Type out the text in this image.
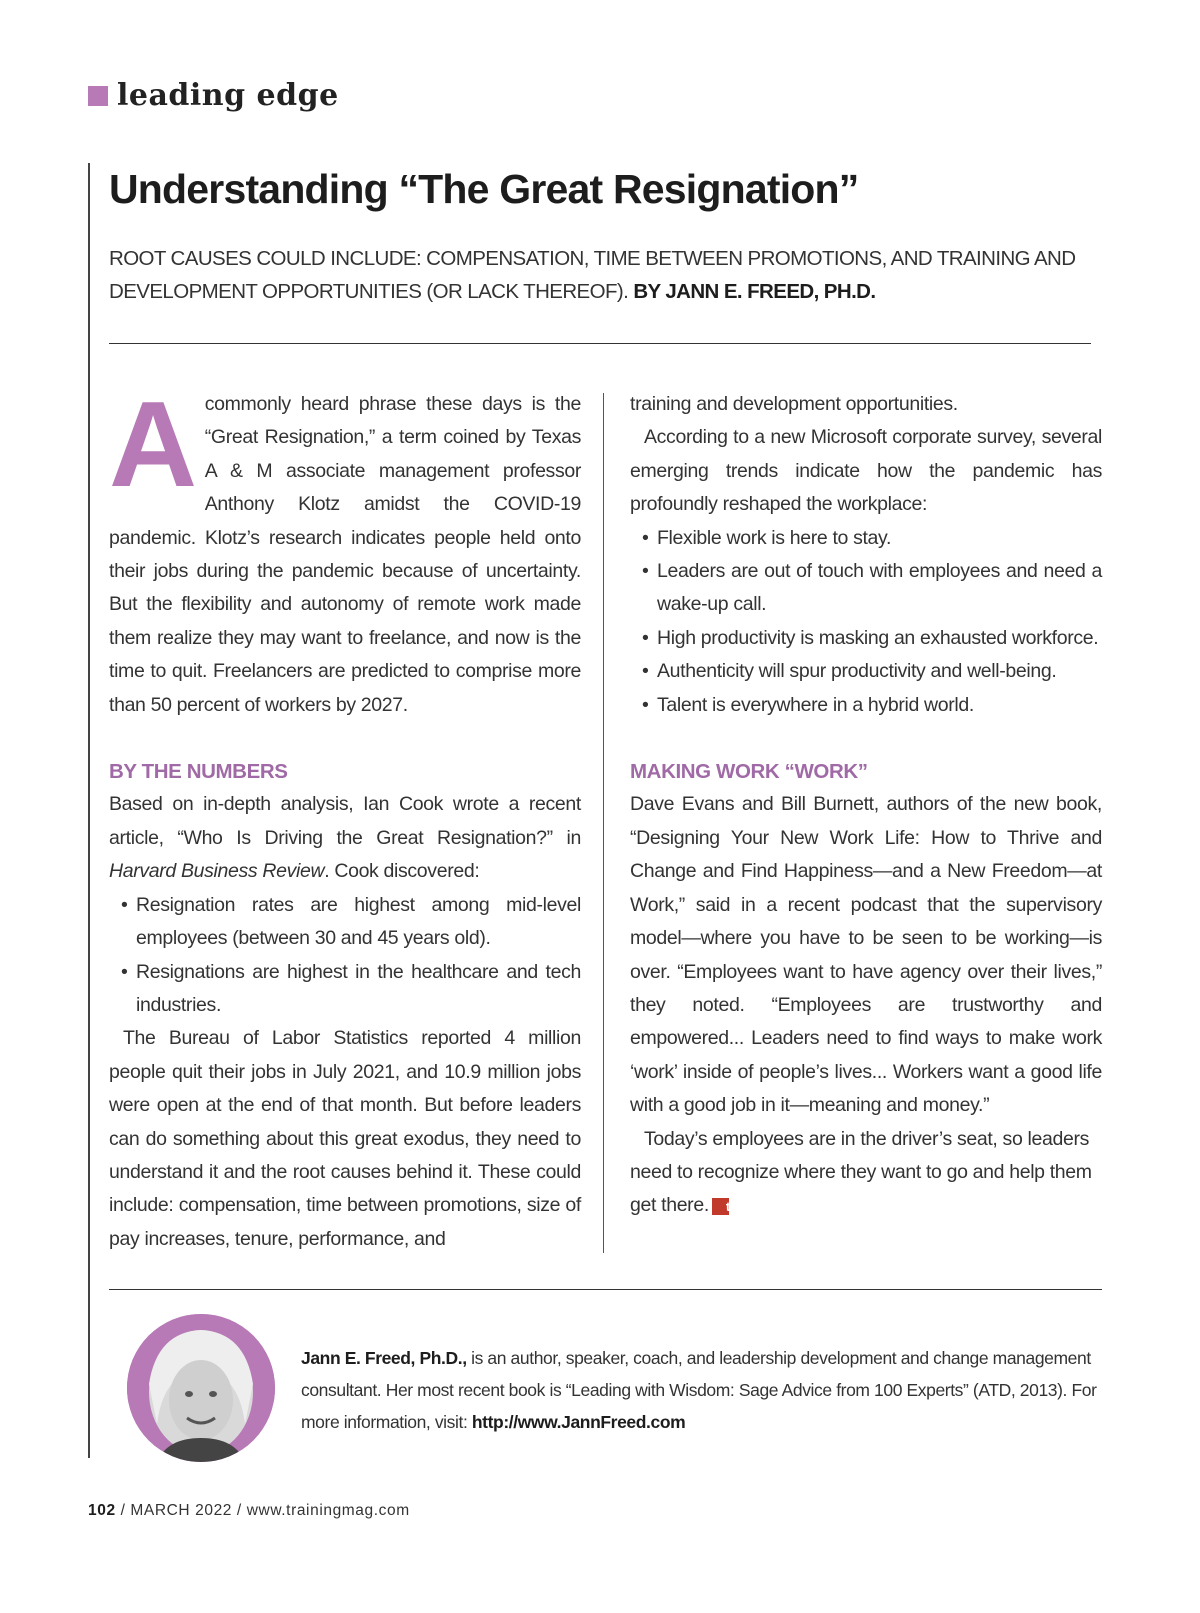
leading edge
Understanding “The Great Resignation”
ROOT CAUSES COULD INCLUDE: COMPENSATION, TIME BETWEEN PROMOTIONS, AND TRAINING AND DEVELOPMENT OPPORTUNITIES (OR LACK THEREOF). BY JANN E. FREED, PH.D.

Acommonly heard phrase these days is the “Great Resignation,” a term coined by Texas A & M associate management professor Anthony Klotz amidst the COVID-19 pandemic. Klotz’s research indicates people held onto their jobs during the pandemic because of uncertainty. But the flexibility and autonomy of remote work made them realize they may want to freelance, and now is the time to quit. Freelancers are predicted to comprise more than 50 percent of workers by 2027.

BY THE NUMBERS

Based on in-depth analysis, Ian Cook wrote a recent article, “Who Is Driving the Great Resignation?” in Harvard Business Review. Cook discovered:

• Resignation rates are highest among mid-level employees (between 30 and 45 years old).
• Resignations are highest in the healthcare and tech industries.

The Bureau of Labor Statistics reported 4 million people quit their jobs in July 2021, and 10.9 million jobs were open at the end of that month. But before leaders can do something about this great exodus, they need to understand it and the root causes behind it. These could include: compensation, time between promotions, size of pay increases, tenure, performance, and

training and development opportunities.

According to a new Microsoft corporate survey, several emerging trends indicate how the pandemic has profoundly reshaped the workplace:

• Flexible work is here to stay.
• Leaders are out of touch with employees and need a wake-up call.
• High productivity is masking an exhausted workforce.
• Authenticity will spur productivity and well-being.
• Talent is everywhere in a hybrid world.

MAKING WORK “WORK”

Dave Evans and Bill Burnett, authors of the new book, “Designing Your New Work Life: How to Thrive and Change and Find Happiness—and a New Freedom—at Work,” said in a recent podcast that the supervisory model—where you have to be seen to be working—is over. “Employees want to have agency over their lives,” they noted. “Employees are trustworthy and empowered... Leaders need to find ways to make work ‘work’ inside of people’s lives... Workers want a good life with a good job in it—meaning and money.”

Today’s employees are in the driver’s seat, so leaders need to recognize where they want to go and help them get there. t

Jann E. Freed, Ph.D., is an author, speaker, coach, and leadership development and change management consultant. Her most recent book is “Leading with Wisdom: Sage Advice from 100 Experts” (ATD, 2013). For more information, visit: http://www.JannFreed.com
102 / MARCH 2022 / www.trainingmag.com
